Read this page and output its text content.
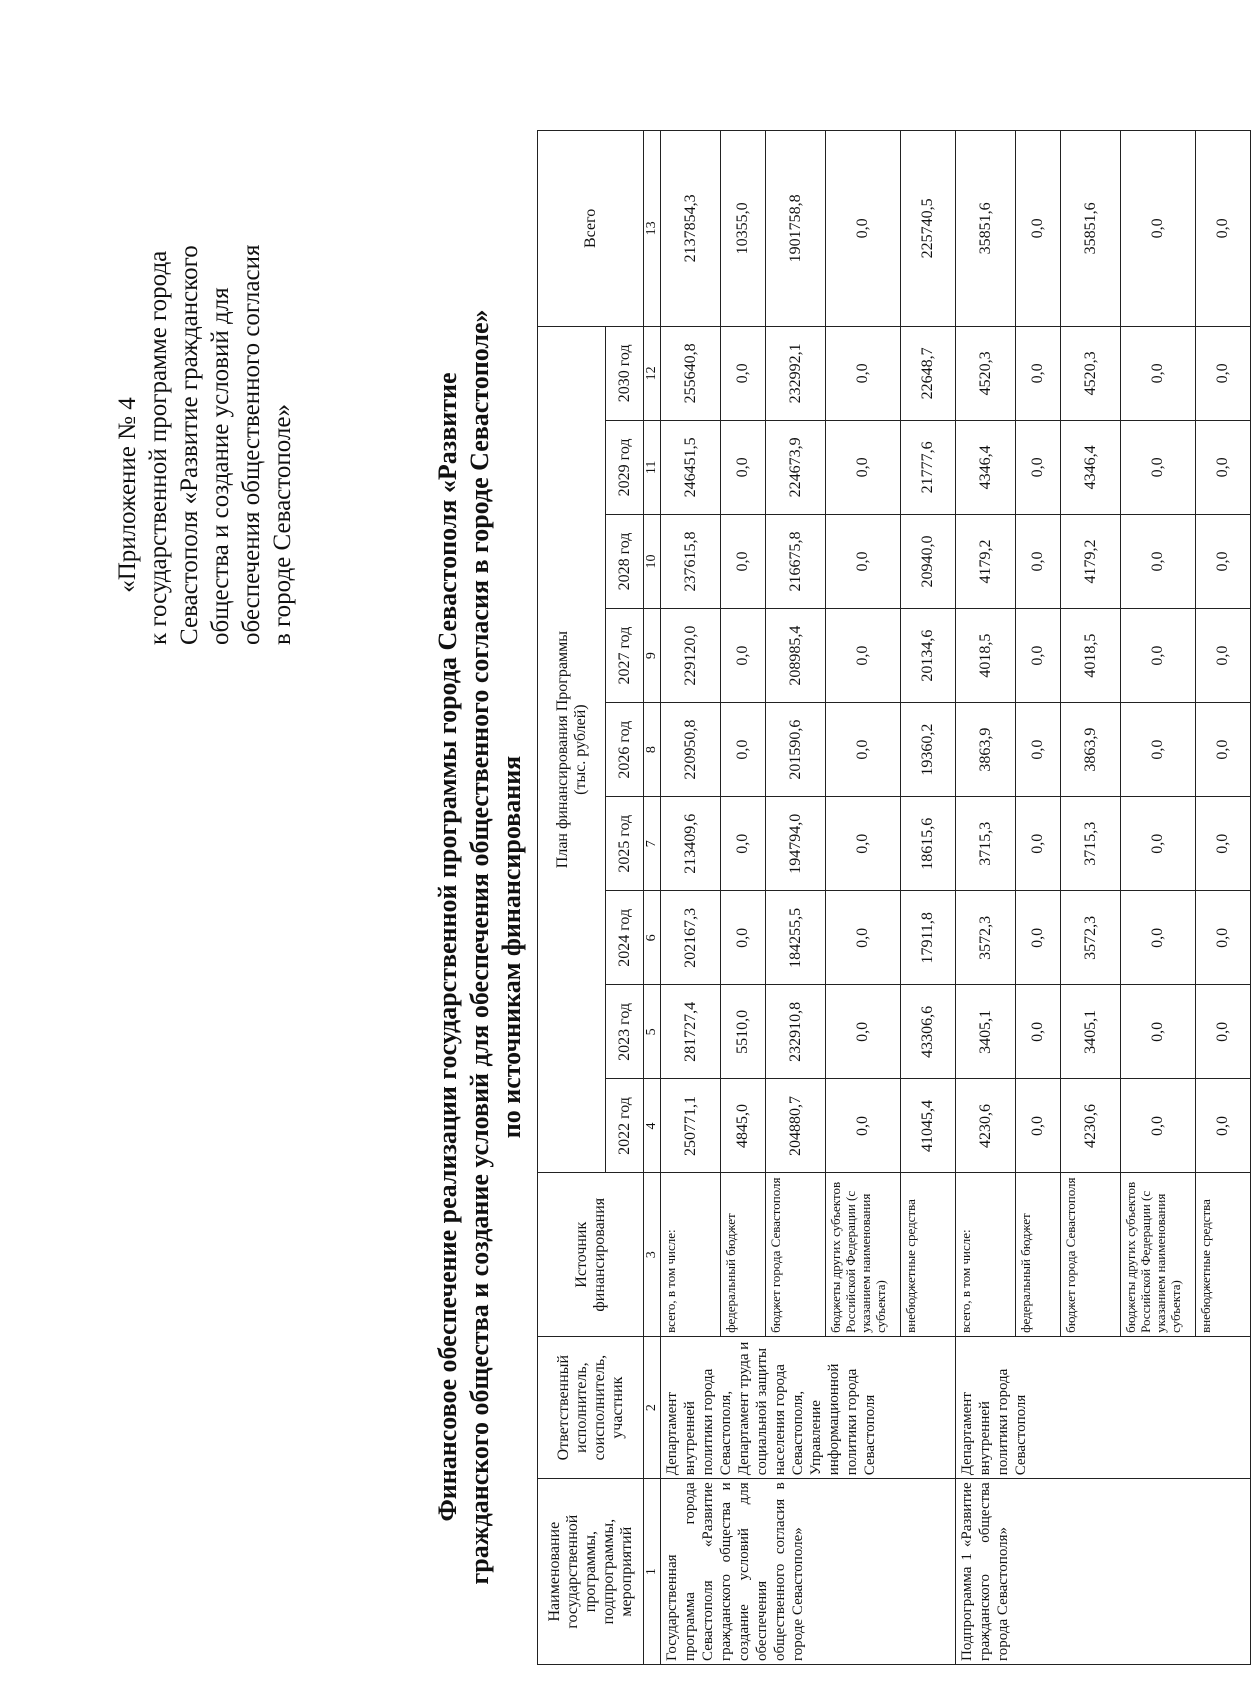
«Приложение № 4 к государственной программе города Севастополя «Развитие гражданского общества и создание условий для обеспечения общественного согласия в городе Севастополе»	Финансовое обеспечение реализации государственной программы города Севастополя «Развитие гражданского общества и создание условий для обеспечения общественного согласия в городе Севастополе» по источникам финансирования
Наименование государственной программы, подпрограммы, мероприятий	Ответственный исполнитель, соисполнитель, участник	Источник финансирования	План финансирования Программы (тыс. рублей)									Всего
			2022 год	2023 год	2024 год	2025 год	2026 год	2027 год	2028 год	2029 год	2030 год	
1	2	3	4	5	6	7	8	9	10	11	12	13
Государственная программа города Севастополя «Развитие гражданского общества и создание условий для обеспечения общественного согласия в городе Севастополе»	Департамент внутренней политики города Севастополя, Департамент труда и социальной защиты населения города Севастополя, Управление информационной политики города Севастополя	всего, в том числе:	250771,1	281727,4	202167,3	213409,6	220950,8	229120,0	237615,8	246451,5	255640,8	2137854,3
		федеральный бюджет	4845,0	5510,0	0,0	0,0	0,0	0,0	0,0	0,0	0,0	10355,0
		бюджет города Севастополя	204880,7	232910,8	184255,5	194794,0	201590,6	208985,4	216675,8	224673,9	232992,1	1901758,8
		бюджеты других субъектов Российской Федерации (с указанием наименования субъекта)	0,0	0,0	0,0	0,0	0,0	0,0	0,0	0,0	0,0	0,0
		внебюджетные средства	41045,4	43306,6	17911,8	18615,6	19360,2	20134,6	20940,0	21777,6	22648,7	225740,5
Подпрограмма 1 «Развитие гражданского общества города Севастополя»	Департамент внутренней политики города Севастополя	всего, в том числе:	4230,6	3405,1	3572,3	3715,3	3863,9	4018,5	4179,2	4346,4	4520,3	35851,6
		федеральный бюджет	0,0	0,0	0,0	0,0	0,0	0,0	0,0	0,0	0,0	0,0
		бюджет города Севастополя	4230,6	3405,1	3572,3	3715,3	3863,9	4018,5	4179,2	4346,4	4520,3	35851,6
		бюджеты других субъектов Российской Федерации (с указанием наименования субъекта)	0,0	0,0	0,0	0,0	0,0	0,0	0,0	0,0	0,0	0,0
		внебюджетные средства	0,0	0,0	0,0	0,0	0,0	0,0	0,0	0,0	0,0	0,0
